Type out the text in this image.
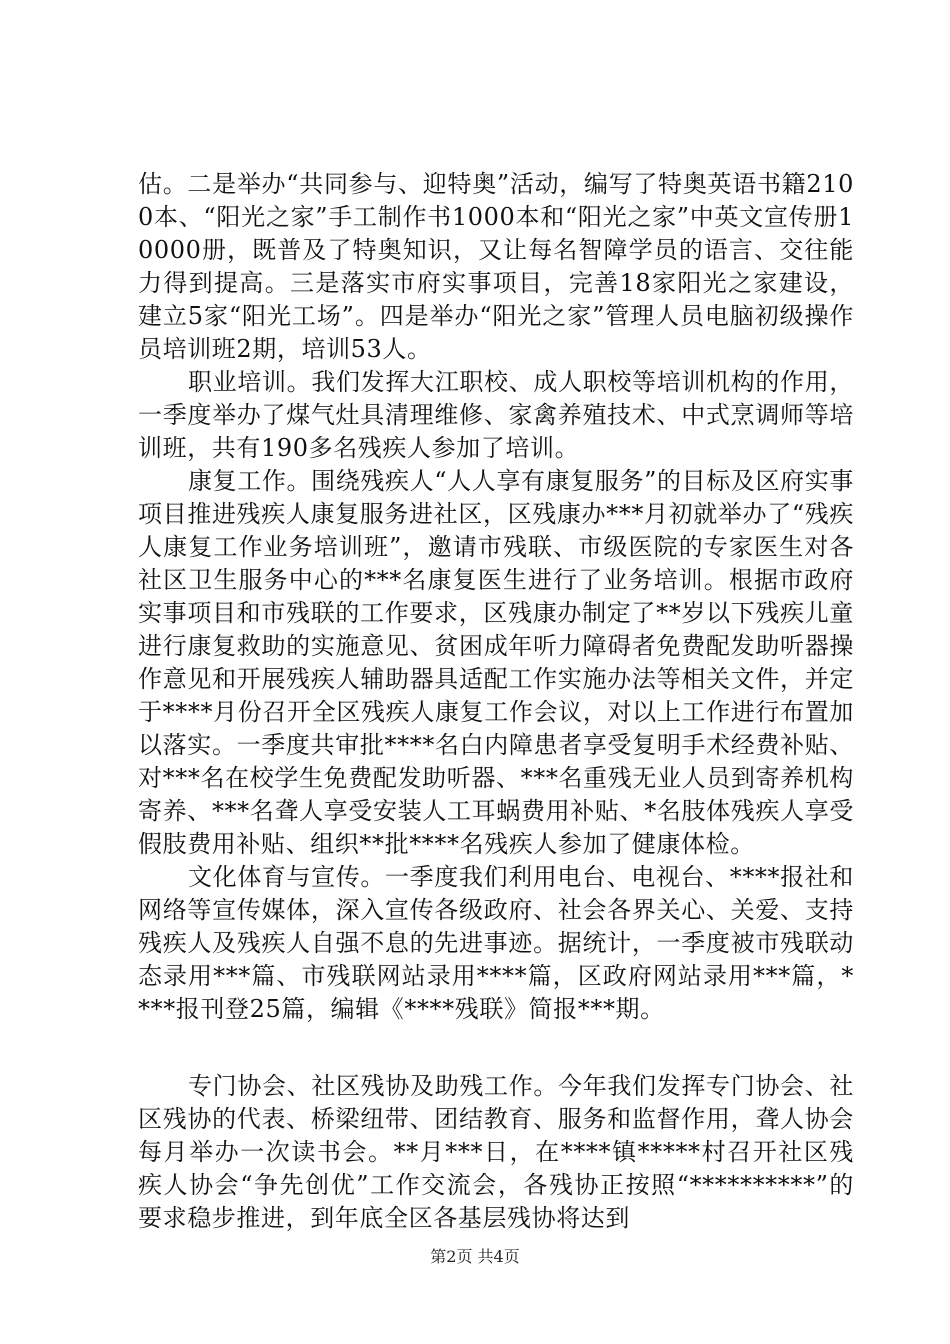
估。二是举办“共同参与、迎特奥”活动，编写了特奥英语书籍2100本、“阳光之家”手工制作书1000本和“阳光之家”中英文宣传册10000册，既普及了特奥知识，又让每名智障学员的语言、交往能力得到提高。三是落实市府实事项目，完善18家阳光之家建设，建立5家“阳光工场”。四是举办“阳光之家”管理人员电脑初级操作员培训班2期，培训53人。

职业培训。我们发挥大江职校、成人职校等培训机构的作用，一季度举办了煤气灶具清理维修、家禽养殖技术、中式烹调师等培训班，共有190多名残疾人参加了培训。

康复工作。围绕残疾人“人人享有康复服务”的目标及区府实事项目推进残疾人康复服务进社区，区残康办***月初就举办了“残疾人康复工作业务培训班”，邀请市残联、市级医院的专家医生对各社区卫生服务中心的***名康复医生进行了业务培训。根据市政府实事项目和市残联的工作要求，区残康办制定了**岁以下残疾儿童进行康复救助的实施意见、贫困成年听力障碍者免费配发助听器操作意见和开展残疾人辅助器具适配工作实施办法等相关文件，并定于****月份召开全区残疾人康复工作会议，对以上工作进行布置加以落实。一季度共审批****名白内障患者享受复明手术经费补贴、对***名在校学生免费配发助听器、***名重残无业人员到寄养机构寄养、***名聋人享受安装人工耳蜗费用补贴、*名肢体残疾人享受假肢费用补贴、组织**批****名残疾人参加了健康体检。

文化体育与宣传。一季度我们利用电台、电视台、****报社和网络等宣传媒体，深入宣传各级政府、社会各界关心、关爱、支持残疾人及残疾人自强不息的先进事迹。据统计，一季度被市残联动态录用***篇、市残联网站录用****篇，区政府网站录用***篇，****报刊登25篇，编辑《****残联》简报***期。

专门协会、社区残协及助残工作。今年我们发挥专门协会、社区残协的代表、桥梁纽带、团结教育、服务和监督作用，聋人协会每月举办一次读书会。**月***日，在****镇*****村召开社区残疾人协会“争先创优”工作交流会，各残协正按照“**********”的要求稳步推进，到年底全区各基层残协将达到

第2页 共4页
